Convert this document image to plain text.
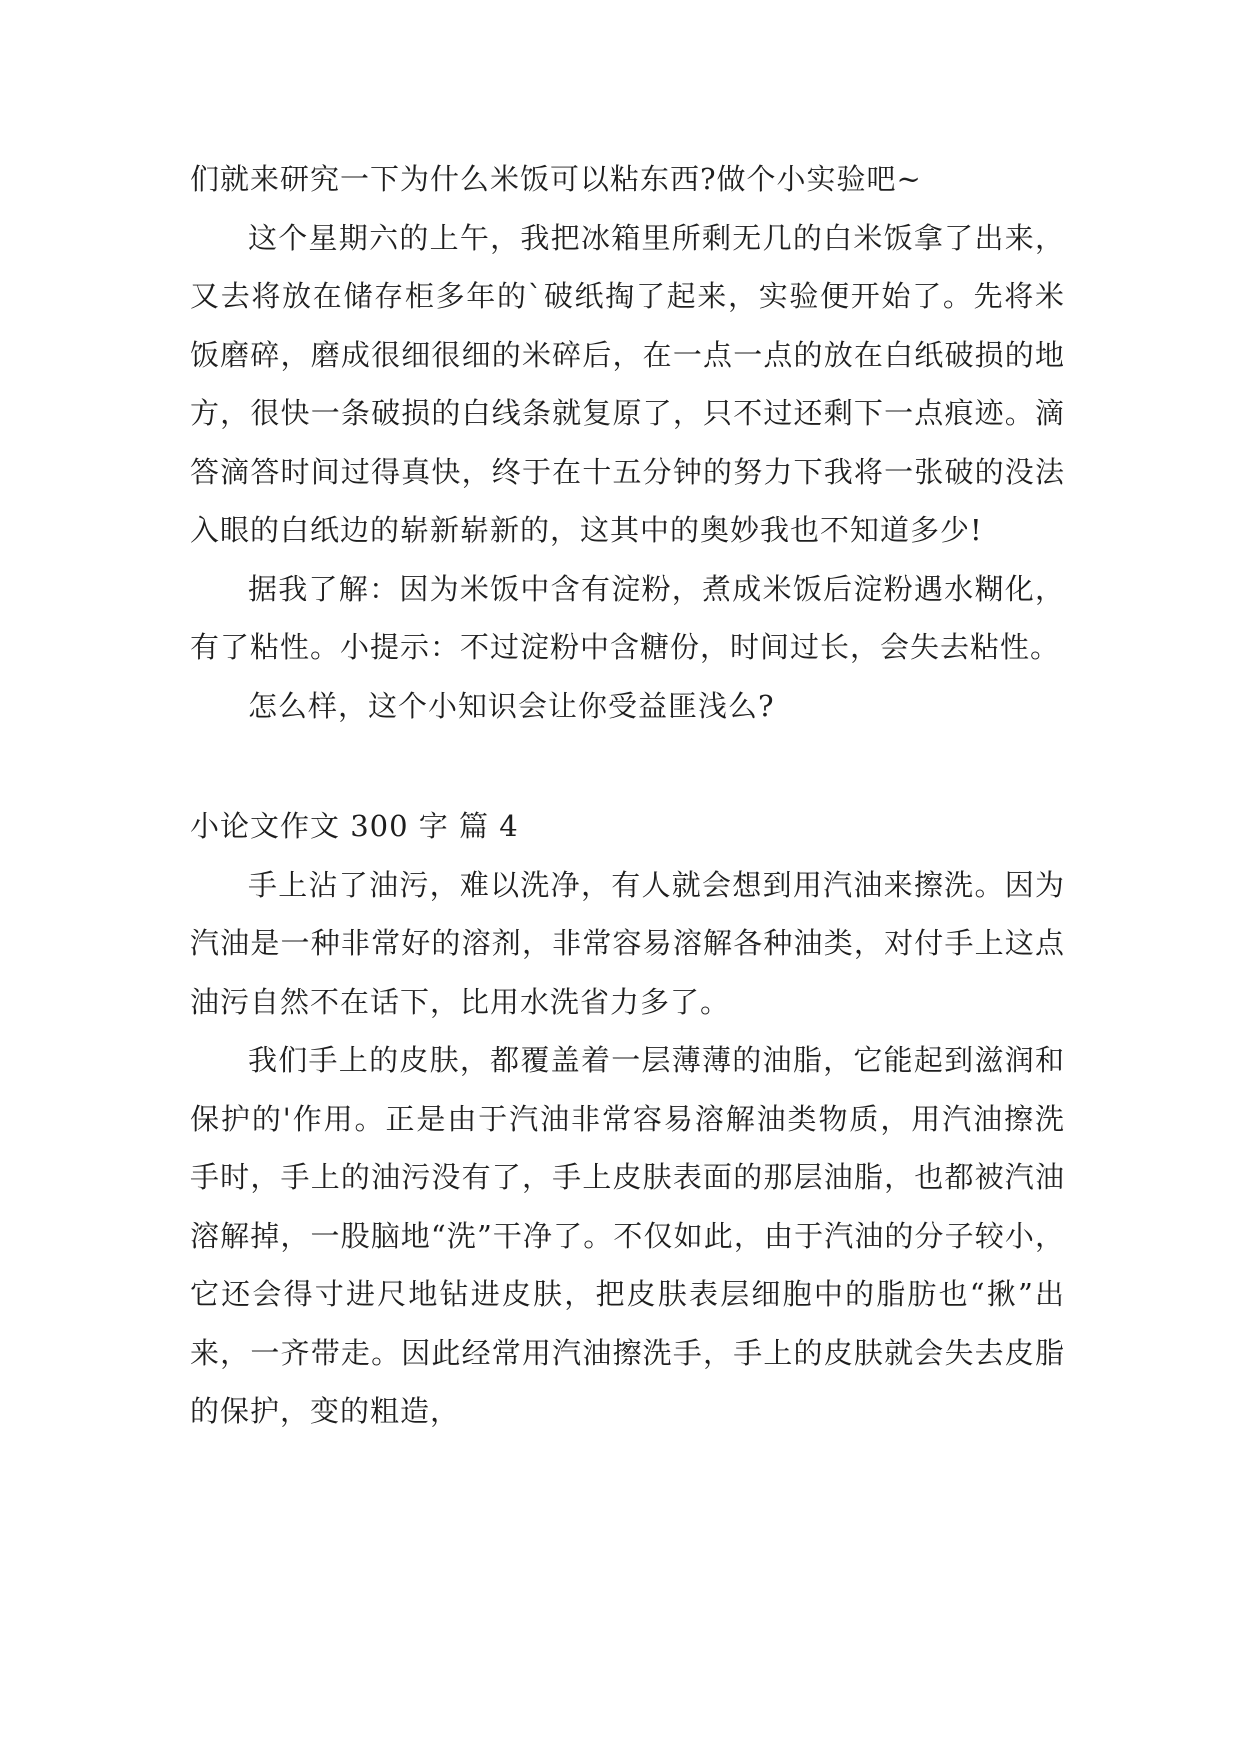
们就来研究一下为什么米饭可以粘东西?做个小实验吧~

这个星期六的上午，我把冰箱里所剩无几的白米饭拿了出来，又去将放在储存柜多年的`破纸掏了起来，实验便开始了。先将米饭磨碎，磨成很细很细的米碎后，在一点一点的放在白纸破损的地方，很快一条破损的白线条就复原了，只不过还剩下一点痕迹。滴答滴答时间过得真快，终于在十五分钟的努力下我将一张破的没法入眼的白纸边的崭新崭新的，这其中的奥妙我也不知道多少!

据我了解：因为米饭中含有淀粉，煮成米饭后淀粉遇水糊化，有了粘性。小提示：不过淀粉中含糖份，时间过长，会失去粘性。

怎么样，这个小知识会让你受益匪浅么?

小论文作文 300 字 篇 4

手上沾了油污，难以洗净，有人就会想到用汽油来擦洗。因为汽油是一种非常好的溶剂，非常容易溶解各种油类，对付手上这点油污自然不在话下，比用水洗省力多了。

我们手上的皮肤，都覆盖着一层薄薄的油脂，它能起到滋润和保护的'作用。正是由于汽油非常容易溶解油类物质，用汽油擦洗手时，手上的油污没有了，手上皮肤表面的那层油脂，也都被汽油溶解掉，一股脑地“洗”干净了。不仅如此，由于汽油的分子较小，它还会得寸进尺地钻进皮肤，把皮肤表层细胞中的脂肪也“揪”出来，一齐带走。因此经常用汽油擦洗手，手上的皮肤就会失去皮脂的保护，变的粗造，
